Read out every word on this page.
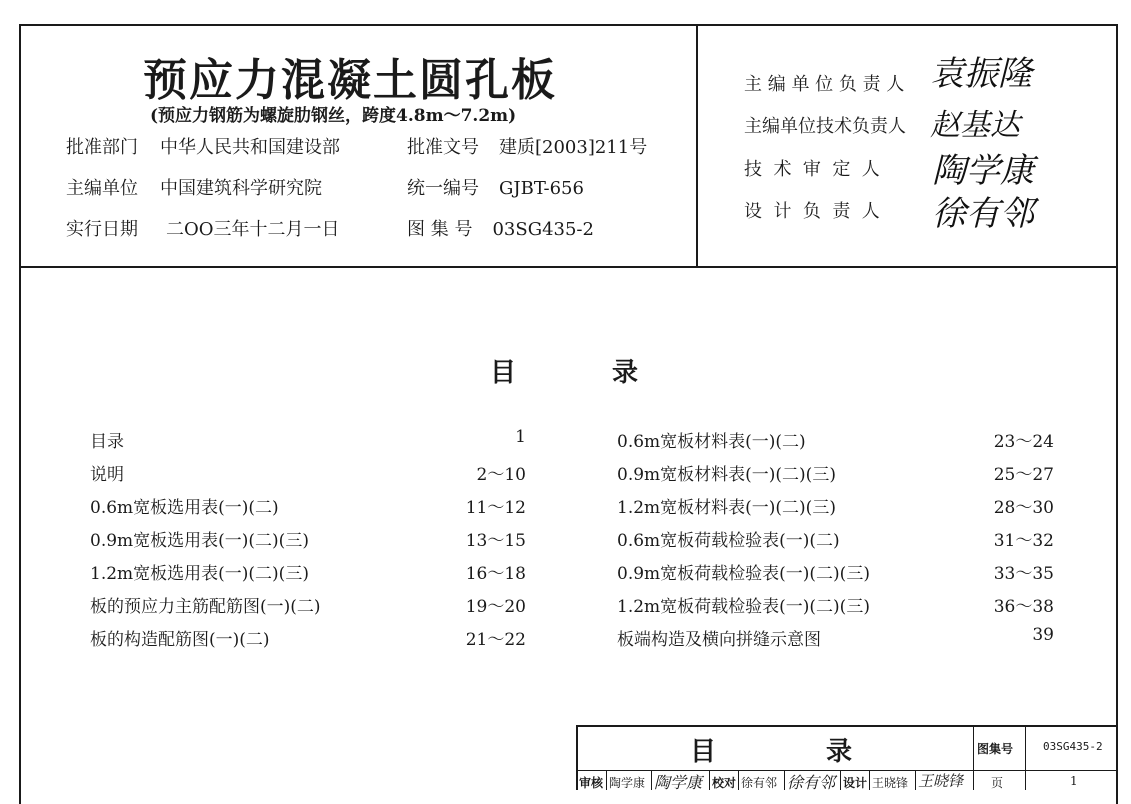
预应力混凝土圆孔板
(预应力钢筋为螺旋肋钢丝，跨度4.8m～7.2m)
批准部门 中华人民共和国建设部	批准文号 建质[2003]211号
主编单位 中国建筑科学研究院	统一编号 GJBT-656
实行日期 二OO三年十二月一日	图 集 号 03SG435-2
主 编 单 位 负 责 人 袁振隆
主编单位技术负责人 赵基达
技  术  审  定  人 陶学康
设  计  负  责  人 徐有邻
目	录
目录	1
说明	2～10
0.6m宽板选用表(一)(二)	11～12
0.9m宽板选用表(一)(二)(三)	13～15
1.2m宽板选用表(一)(二)(三)	16～18
板的预应力主筋配筋图(一)(二)	19～20
板的构造配筋图(一)(二)	21～22
0.6m宽板材料表(一)(二)	23～24
0.9m宽板材料表(一)(二)(三)	25～27
1.2m宽板材料表(一)(二)(三)	28～30
0.6m宽板荷载检验表(一)(二)	31～32
0.9m宽板荷载检验表(一)(二)(三)	33～35
1.2m宽板荷载检验表(一)(二)(三)	36～38
板端构造及横向拼缝示意图	39
目	录	图集号	03SG435-2
审核 陶学康 陶学康 校对 徐有邻 徐有邻 设计 王晓锋 王晓锋 页	1
